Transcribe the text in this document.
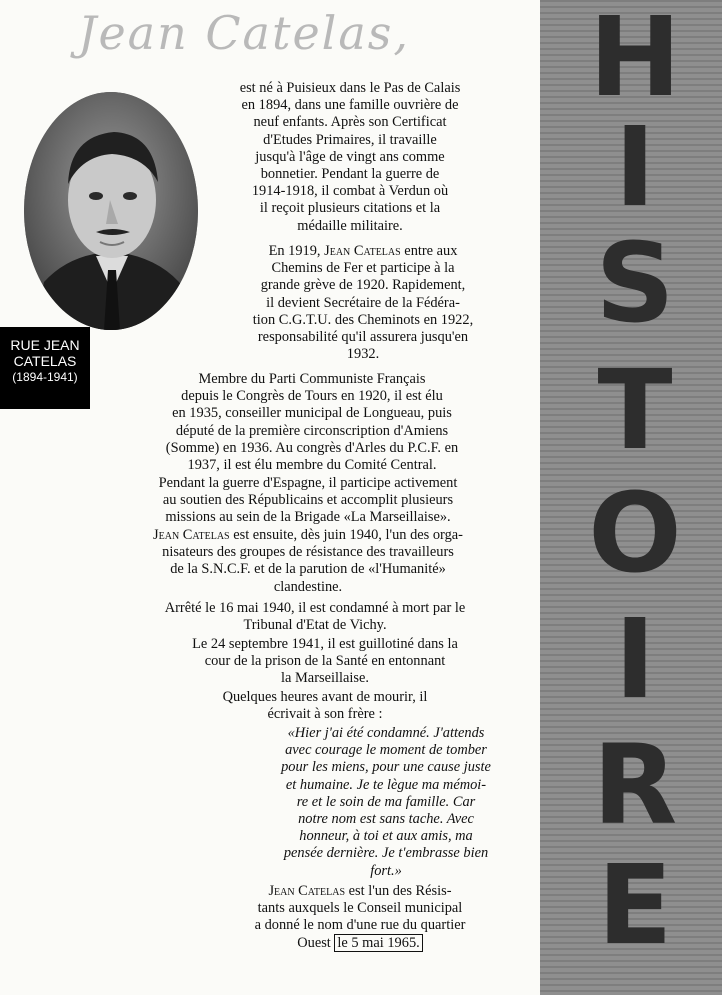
Jean Catelas,
RUE JEAN
CATELAS
(1894-1941)
est né à Puisieux dans le Pas de Calais
en 1894, dans une famille ouvrière de
neuf enfants. Après son Certificat
d'Etudes Primaires, il travaille
jusqu'à l'âge de vingt ans comme
bonnetier. Pendant la guerre de
1914-1918, il combat à Verdun où
il reçoit plusieurs citations et la
médaille militaire.
En 1919, Jean Catelas entre aux
Chemins de Fer et participe à la
grande grève de 1920. Rapidement,
il devient Secrétaire de la Fédéra-
tion C.G.T.U. des Cheminots en 1922,
responsabilité qu'il assurera jusqu'en
1932.
Membre du Parti Communiste Français
depuis le Congrès de Tours en 1920, il est élu
en 1935, conseiller municipal de Longueau, puis
député de la première circonscription d'Amiens
(Somme) en 1936. Au congrès d'Arles du P.C.F. en
1937, il est élu membre du Comité Central.
Pendant la guerre d'Espagne, il participe activement
au soutien des Républicains et accomplit plusieurs
missions au sein de la Brigade «La Marseillaise».
Jean Catelas est ensuite, dès juin 1940, l'un des orga-
nisateurs des groupes de résistance des travailleurs
de la S.N.C.F. et de la parution de «l'Humanité»
clandestine.
Arrêté le 16 mai 1940, il est condamné à mort par le
Tribunal d'Etat de Vichy.
Le 24 septembre 1941, il est guillotiné dans la
cour de la prison de la Santé en entonnant
la Marseillaise.
Quelques heures avant de mourir, il
écrivait à son frère :
«Hier j'ai été condamné. J'attends
avec courage le moment de tomber
pour les miens, pour une cause juste
et humaine. Je te lègue ma mémoi-
re et le soin de ma famille. Car
notre nom est sans tache. Avec
honneur, à toi et aux amis, ma
pensée dernière. Je t'embrasse bien
fort.»
Jean Catelas est l'un des Résis-
tants auxquels le Conseil municipal
a donné le nom d'une rue du quartier
Ouest le 5 mai 1965.
H
I
S
T
O
I
R
E
